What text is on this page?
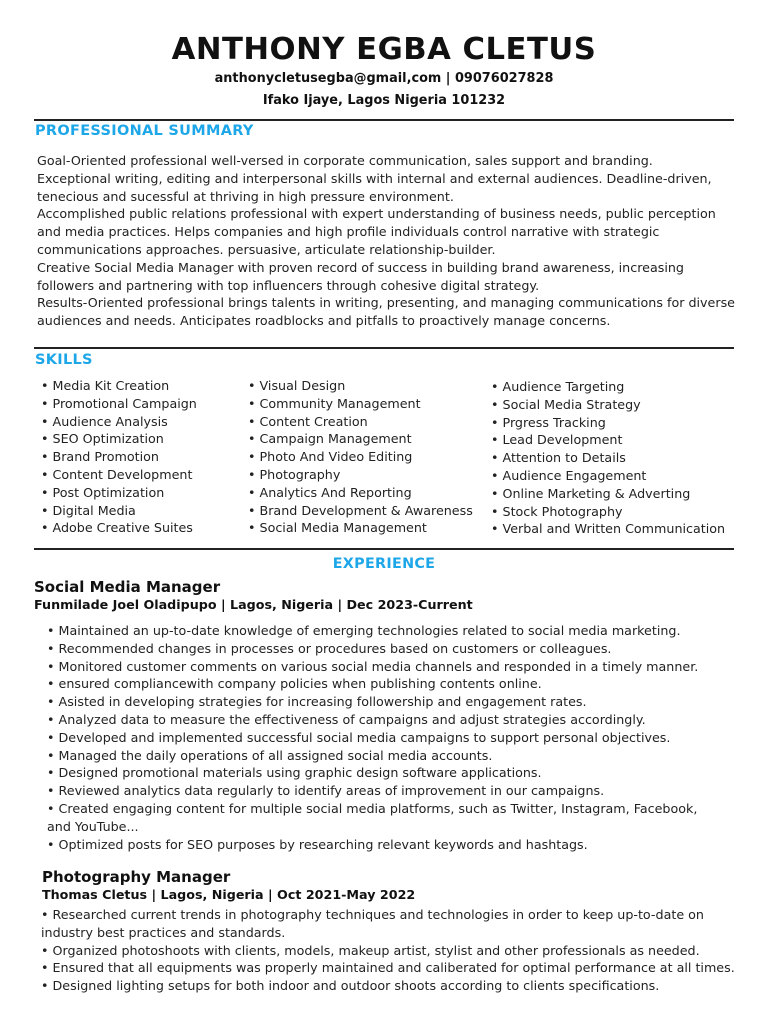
ANTHONY EGBA CLETUS
anthonycletusegba@gmail,com | 09076027828
Ifako Ijaye, Lagos Nigeria 101232
PROFESSIONAL SUMMARY
Goal-Oriented professional well-versed in corporate communication, sales support and branding.
Exceptional writing, editing and interpersonal skills with internal and external audiences. Deadline-driven,
tenecious and sucessful at thriving in high pressure environment.
Accomplished public relations professional with expert understanding of business needs, public perception
and media practices. Helps companies and high profile individuals control narrative with strategic
communications approaches. persuasive, articulate relationship-builder.
Creative Social Media Manager with proven record of success in building brand awareness, increasing
followers and partnering with top influencers through cohesive digital strategy.
Results-Oriented professional brings talents in writing, presenting, and managing communications for diverse
audiences and needs. Anticipates roadblocks and pitfalls to proactively manage concerns.
SKILLS
• Media Kit Creation
• Promotional Campaign
• Audience Analysis
• SEO Optimization
• Brand Promotion
• Content Development
• Post Optimization
• Digital Media
• Adobe Creative Suites
• Visual Design
• Community Management
• Content Creation
• Campaign Management
• Photo And Video Editing
• Photography
• Analytics And Reporting
• Brand Development & Awareness
• Social Media Management
• Audience Targeting
• Social Media Strategy
• Prgress Tracking
• Lead Development
• Attention to Details
• Audience Engagement
• Online Marketing & Adverting
• Stock Photography
• Verbal and Written Communication
EXPERIENCE
Social Media Manager
Funmilade Joel Oladipupo | Lagos, Nigeria | Dec 2023-Current
• Maintained an up-to-date knowledge of emerging technologies related to social media marketing.
• Recommended changes in processes or procedures based on customers or colleagues.
• Monitored customer comments on various social media channels and responded in a timely manner.
• ensured compliancewith company policies when publishing contents online.
• Asisted in developing strategies for increasing followership and engagement rates.
• Analyzed data to measure the effectiveness of campaigns and adjust strategies accordingly.
• Developed and implemented successful social media campaigns to support personal objectives.
• Managed the daily operations of all assigned social media accounts.
• Designed promotional materials using graphic design software applications.
• Reviewed analytics data regularly to identify areas of improvement in our campaigns.
• Created engaging content for multiple social media platforms, such as Twitter, Instagram, Facebook,
and YouTube...
• Optimized posts for SEO purposes by researching relevant keywords and hashtags.
Photography Manager
Thomas Cletus | Lagos, Nigeria | Oct 2021-May 2022
• Researched current trends in photography techniques and technologies in order to keep up-to-date on
industry best practices and standards.
• Organized photoshoots with clients, models, makeup artist, stylist and other professionals as needed.
• Ensured that all equipments was properly maintained and caliberated for optimal performance at all times.
• Designed lighting setups for both indoor and outdoor shoots according to clients specifications.
